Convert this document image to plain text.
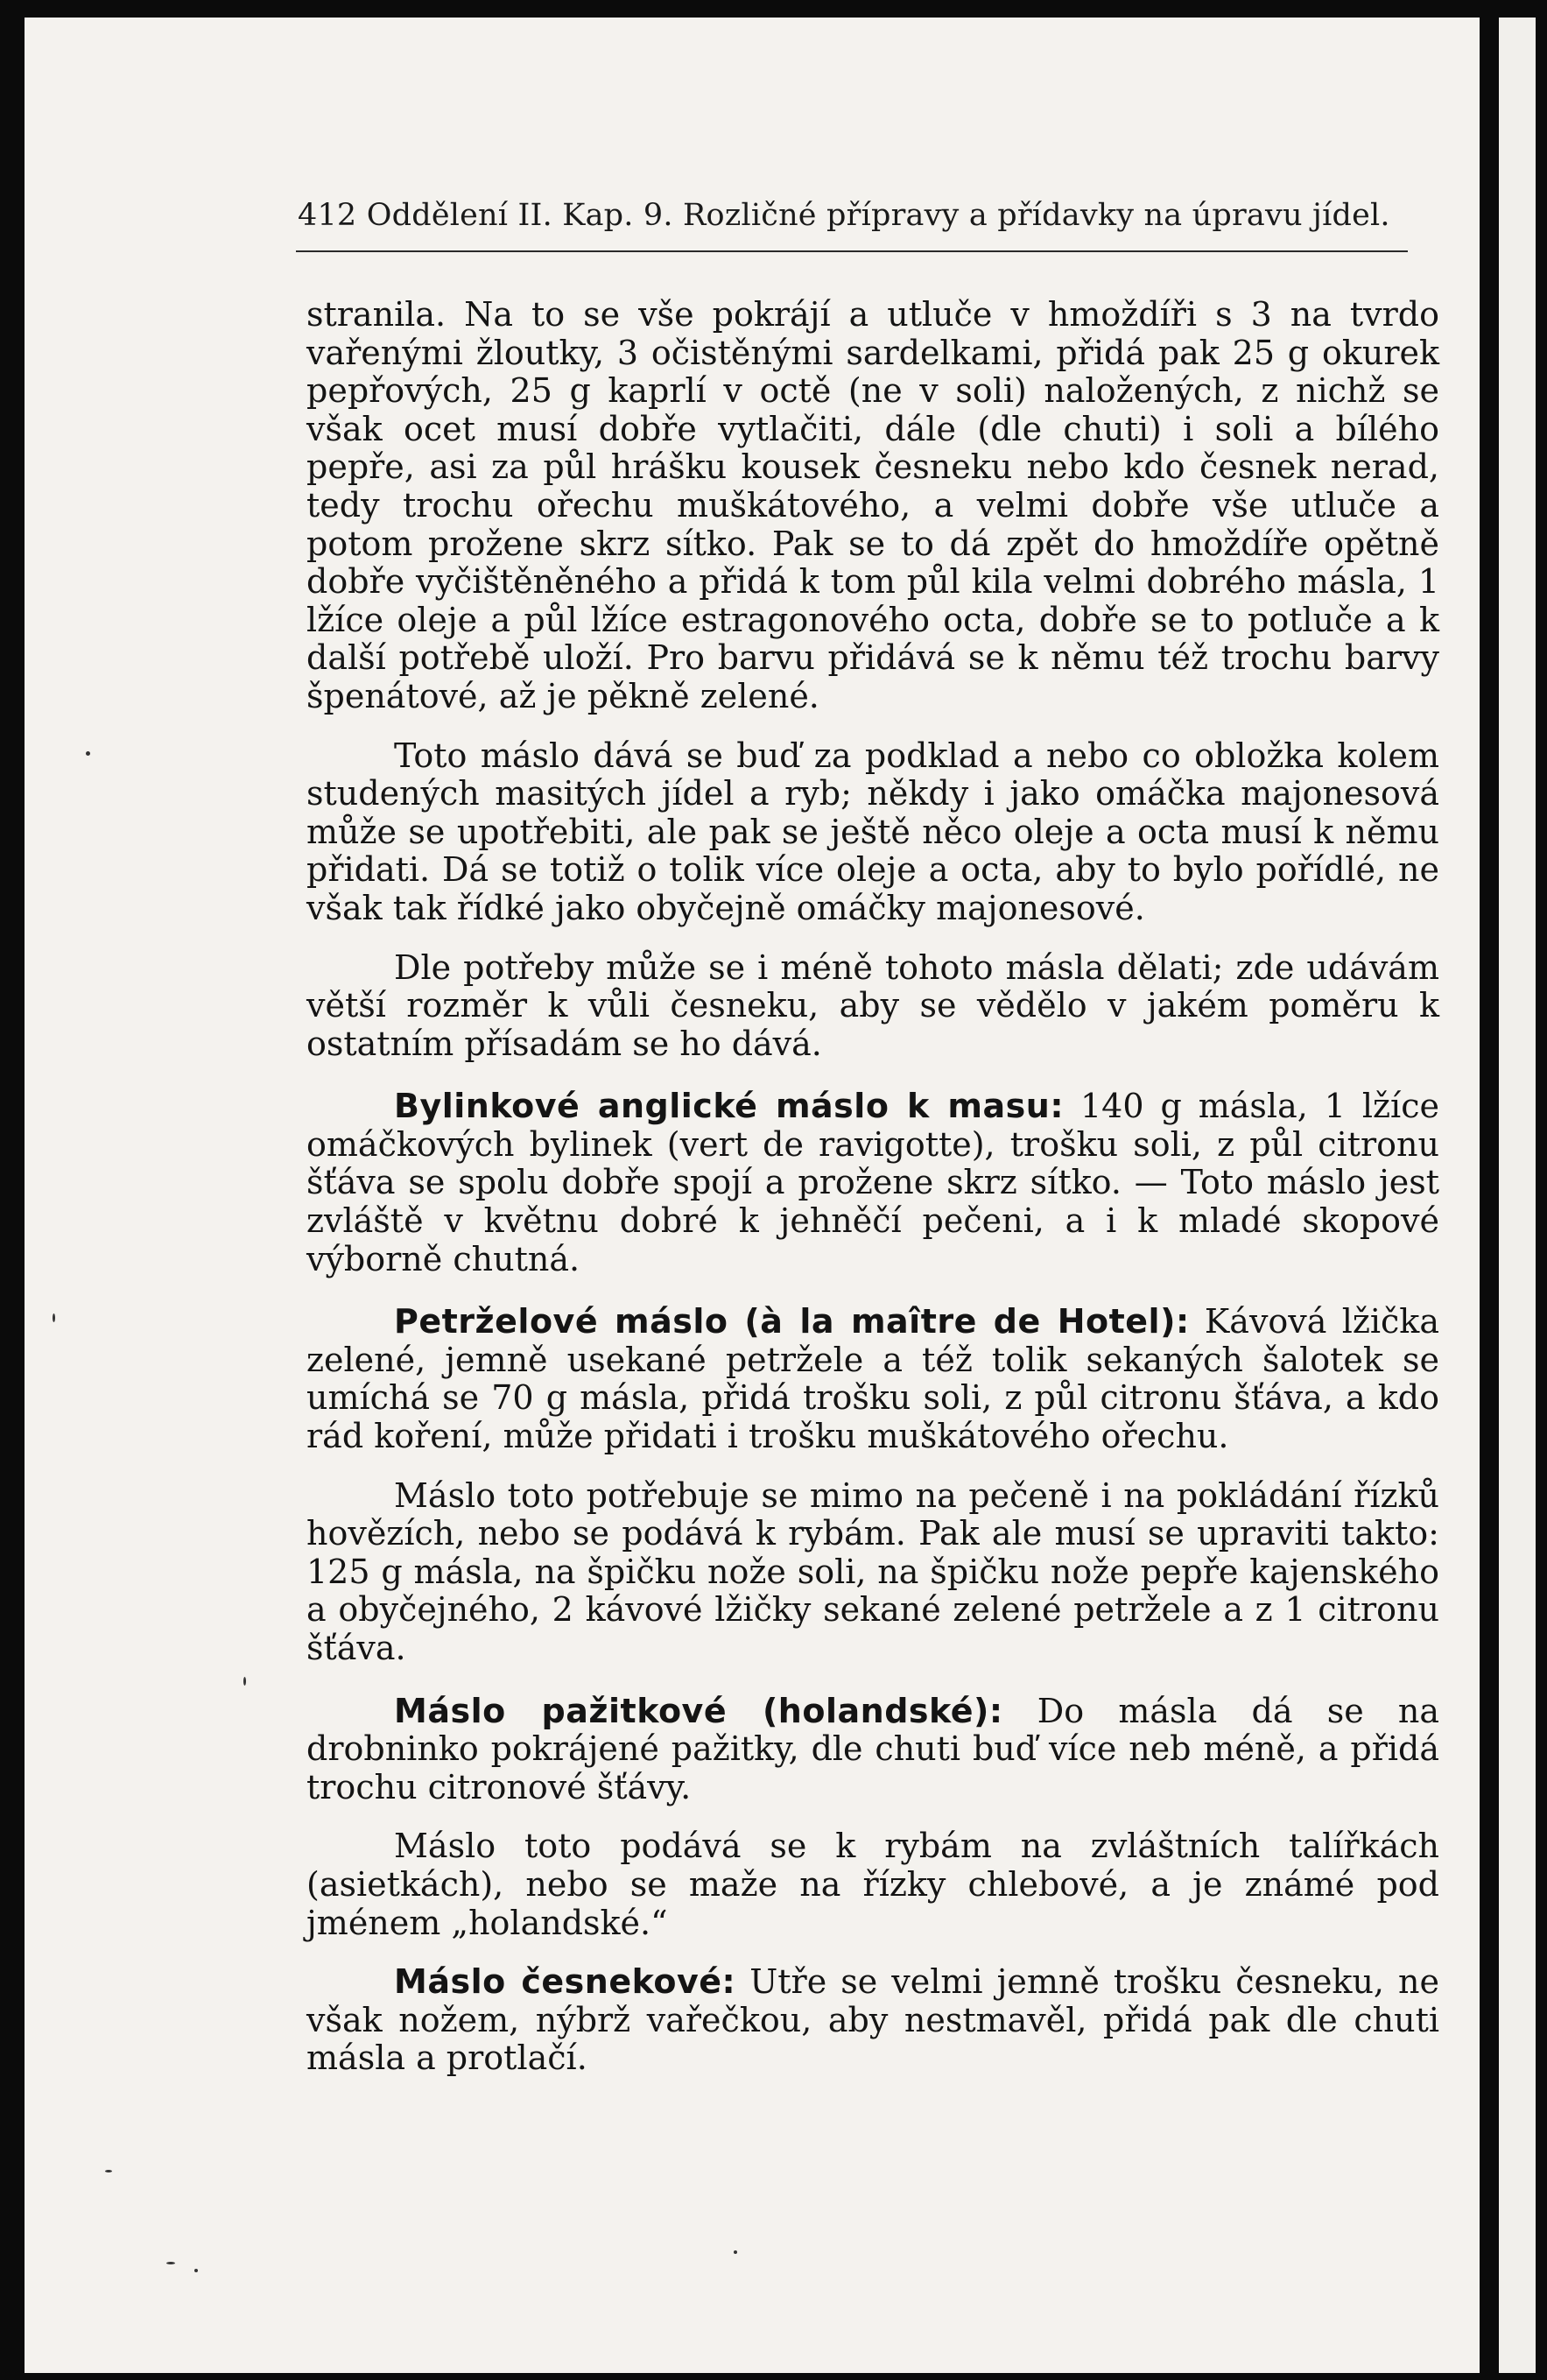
412 Oddělení II. Kap. 9. Rozličné přípravy a přídavky na úpravu jídel.

stranila. Na to se vše pokrájí a utluče v hmoždíři s 3 na tvrdo vařenými žloutky, 3 očistěnými sardelkami, přidá pak 25 g okurek pepřových, 25 g kaprlí v octě (ne v soli) naložených, z nichž se však ocet musí dobře vytlačiti, dále (dle chuti) i soli a bílého pepře, asi za půl hrášku kousek česneku nebo kdo česnek nerad, tedy trochu ořechu muškátového, a velmi dobře vše utluče a potom prožene skrz sítko. Pak se to dá zpět do hmoždíře opětně dobře vyčištěněného a přidá k tom půl kila velmi dobrého másla, 1 lžíce oleje a půl lžíce estragonového octa, dobře se to potluče a k další potřebě uloží. Pro barvu přidává se k němu též trochu barvy špenátové, až je pěkně zelené.

Toto máslo dává se buď za podklad a nebo co obložka kolem studených masitých jídel a ryb; někdy i jako omáčka majonesová může se upotřebiti, ale pak se ještě něco oleje a octa musí k němu přidati. Dá se totiž o tolik více oleje a octa, aby to bylo pořídlé, ne však tak řídké jako obyčejně omáčky majonesové.

Dle potřeby může se i méně tohoto másla dělati; zde udávám větší rozměr k vůli česneku, aby se vědělo v jakém poměru k ostatním přísadám se ho dává.

Bylinkové anglické máslo k masu: 140 g másla, 1 lžíce omáčkových bylinek (vert de ravigotte), trošku soli, z půl citronu šťáva se spolu dobře spojí a prožene skrz sítko. — Toto máslo jest zvláště v květnu dobré k jehněčí pečeni, a i k mladé skopové výborně chutná.

Petrželové máslo (à la maître de Hotel): Kávová lžička zelené, jemně usekané petržele a též tolik sekaných šalotek se umíchá se 70 g másla, přidá trošku soli, z půl citronu šťáva, a kdo rád koření, může přidati i trošku muškátového ořechu.

Máslo toto potřebuje se mimo na pečeně i na pokládání řízků hovězích, nebo se podává k rybám. Pak ale musí se upraviti takto: 125 g másla, na špičku nože soli, na špičku nože pepře kajenského a obyčejného, 2 kávové lžičky sekané zelené petržele a z 1 citronu šťáva.

Máslo pažitkové (holandské): Do másla dá se na drobninko pokrájené pažitky, dle chuti buď více neb méně, a přidá trochu citronové šťávy.

Máslo toto podává se k rybám na zvláštních talířkách (asietkách), nebo se maže na řízky chlebové, a je známé pod jménem „holandské.“

Máslo česnekové: Utře se velmi jemně trošku česneku, ne však nožem, nýbrž vařečkou, aby nestmavěl, přidá pak dle chuti másla a protlačí.
